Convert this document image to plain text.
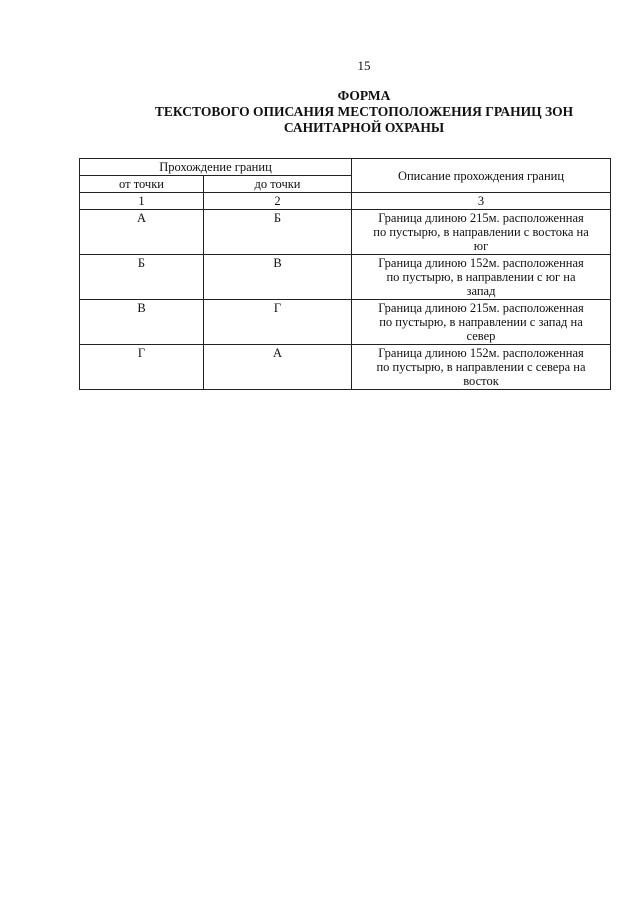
15
ФОРМА
ТЕКСТОВОГО ОПИСАНИЯ МЕСТОПОЛОЖЕНИЯ ГРАНИЦ ЗОН
САНИТАРНОЙ ОХРАНЫ
Прохождение границ		Описание прохождения границ
от точки	до точки	
1	2	3
А	Б	Граница длиною 215м. расположенная
по пустырю, в направлении с востока на
юг

Б	В	Граница длиною 152м. расположенная
по пустырю, в направлении с юг на
запад

В	Г	Граница длиною 215м. расположенная
по пустырю, в направлении с запад на
север

Г	А	Граница длиною 152м. расположенная
по пустырю, в направлении с севера на
восток
